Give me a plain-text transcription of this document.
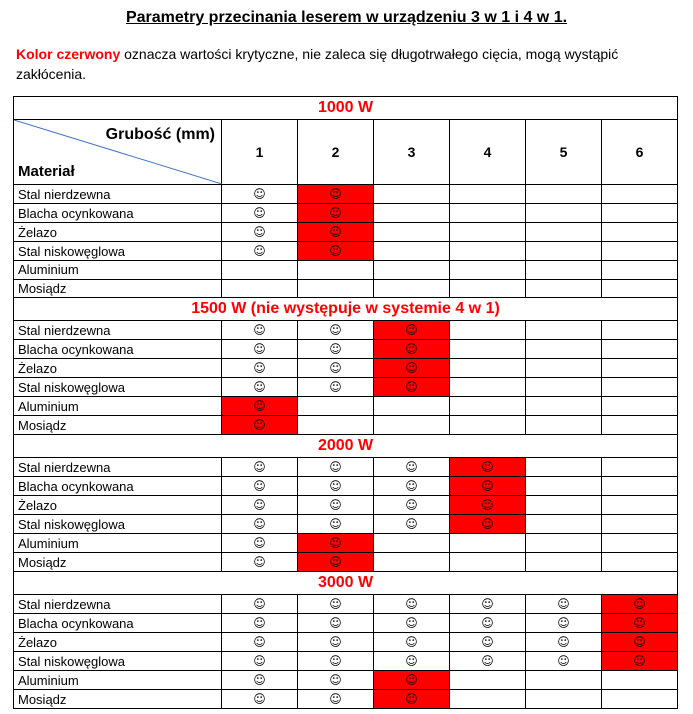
Parametry przecinania leserem w urządzeniu 3 w 1 i 4 w 1.
Kolor czerwony oznacza wartości krytyczne, nie zaleca się długotrwałego cięcia, mogą wystąpić zakłócenia.
1000 W						

Grubość (mm)
Materiał	1	2	3	4	5	6
Stal nierdzewna	☺	☺				
Blacha ocynkowana	☺	☺				
Żelazo	☺	☺				
Stal niskowęglowa	☺	☺				
Aluminium						
Mosiądz						
1500 W (nie występuje w systemie 4 w 1)						
Stal nierdzewna	☺	☺	☺			
Blacha ocynkowana	☺	☺	☺			
Żelazo	☺	☺	☺			
Stal niskowęglowa	☺	☺	☺			
Aluminium	☺					
Mosiądz	☺					
2000 W						
Stal nierdzewna	☺	☺	☺	☺		
Blacha ocynkowana	☺	☺	☺	☺		
Żelazo	☺	☺	☺	☺		
Stal niskowęglowa	☺	☺	☺	☺		
Aluminium	☺	☺				
Mosiądz	☺	☺				
3000 W						
Stal nierdzewna	☺	☺	☺	☺	☺	☺
Blacha ocynkowana	☺	☺	☺	☺	☺	☺
Żelazo	☺	☺	☺	☺	☺	☺
Stal niskowęglowa	☺	☺	☺	☺	☺	☺
Aluminium	☺	☺	☺			
Mosiądz	☺	☺	☺			
